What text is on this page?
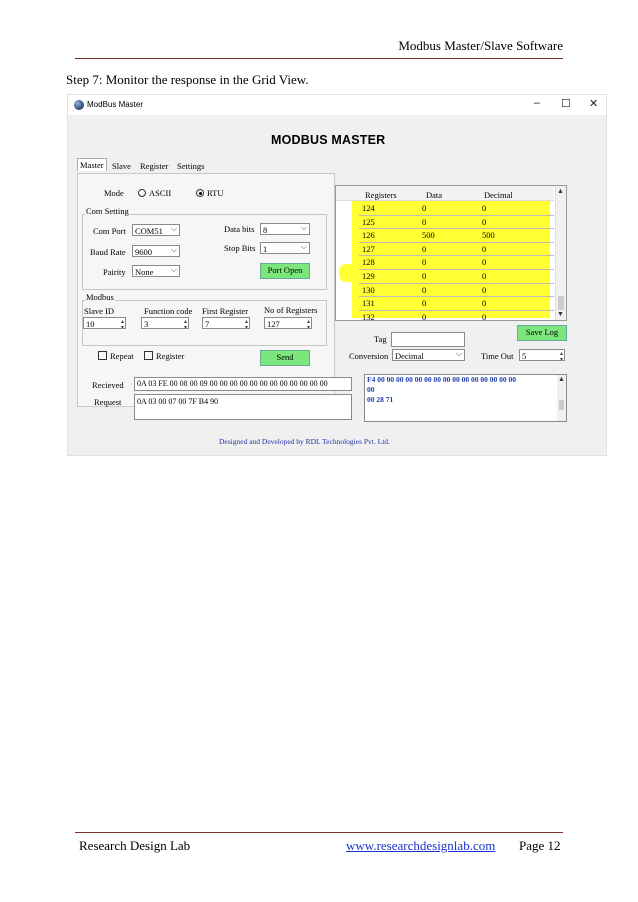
Modbus Master/Slave Software
Step 7: Monitor the response in the Grid View.
ModBus Master	– ☐ ✕
MODBUS MASTER
Master Slave Register Settings
Mode	ASCII	RTU
Com Setting
Com Port	COM51 ⌵	Data bits	8 ⌵
Baud Rate	9600 ⌵	Stop Bits 1 ⌵
Pairity	None ⌵	Port Open
Modbus
Slave ID
10 ▴▾
Function code
3 ▴▾
First Register
7 ▴▾
No of Registers
127 ▴▾
Repeat	Register	Send
Registers	Data	Decimal
124	0	0
125	0	0
126	500	500
127	0	0
128	0	0
129	0	0
130	0	0
131	0	0
132	0	0
▲
▼
Tag
Save Log
Conversion Decimal ⌵	Time Out 5 ▴▾
Recieved	0A 03 FE 00 08 00 09 00 00 00 00 00 00 00 00 00 00 00 00
Request	0A 03 00 07 00 7F B4 90
F4 00 00 00 00 00 00 00 00 00 00 00 00 00 00 00
00
00 28 71
▲
Designed and Developed by RDL Technologies Pvt. Ltd.
Research Design Lab	www.researchdesignlab.com Page 12
